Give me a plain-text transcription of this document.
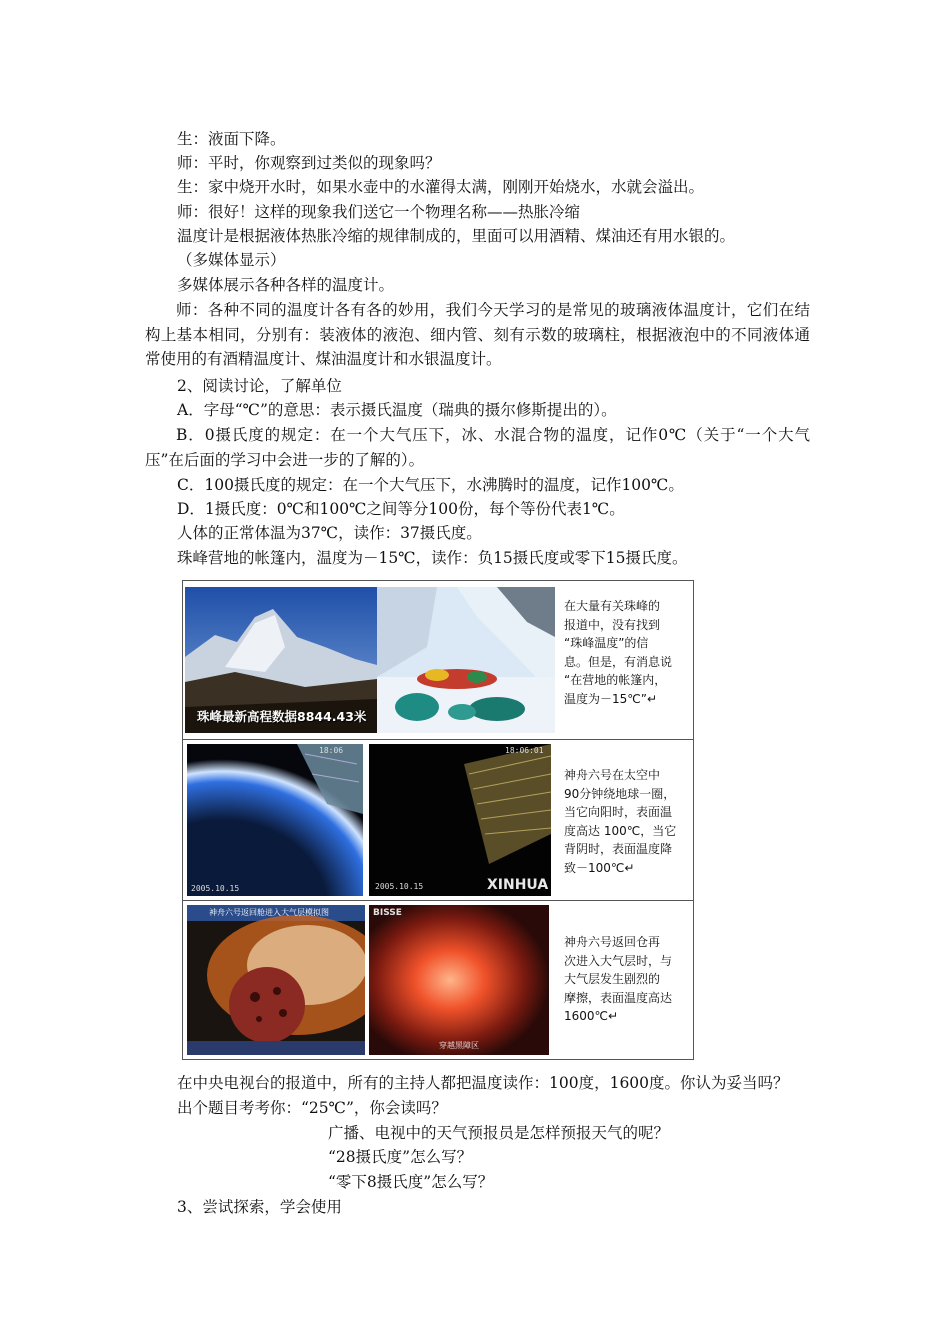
生：液面下降。
师：平时，你观察到过类似的现象吗？
生：家中烧开水时，如果水壶中的水灌得太满，刚刚开始烧水，水就会溢出。
师：很好！这样的现象我们送它一个物理名称——热胀冷缩
温度计是根据液体热胀冷缩的规律制成的，里面可以用酒精、煤油还有用水银的。
（多媒体显示）
多媒体展示各种各样的温度计。
师：各种不同的温度计各有各的妙用，我们今天学习的是常见的玻璃液体温度计，它们在结构上基本相同，分别有：装液体的液泡、细内管、刻有示数的玻璃柱，根据液泡中的不同液体通常使用的有酒精温度计、煤油温度计和水银温度计。
2、阅读讨论，了解单位
A．字母“℃”的意思：表示摄氏温度（瑞典的摄尔修斯提出的）。
B．0摄氏度的规定：在一个大气压下，冰、水混合物的温度，记作0℃（关于“一个大气压”在后面的学习中会进一步的了解的）。
C．100摄氏度的规定：在一个大气压下，水沸腾时的温度，记作100℃。
D．1摄氏度：0℃和100℃之间等分100份，每个等份代表1℃。
人体的正常体温为37℃，读作：37摄氏度。
珠峰营地的帐篷内，温度为－15℃，读作：负15摄氏度或零下15摄氏度。
珠峰最新高程数据8844.43米
在大量有关珠峰的
报道中，没有找到
“珠峰温度”的信
息。但是，有消息说
“在营地的帐篷内，
温度为－15℃”↵
2005.10.15
18:06
2005.10.15
18:06:01
XINHUA
神舟六号在太空中
90分钟绕地球一圈，
当它向阳时，表面温
度高达 100℃，当它
背阴时，表面温度降
致－100℃↵
神舟六号返回舱进入大气层模拟图	BISSE
穿越黑障区
神舟六号返回仓再
次进入大气层时，与
大气层发生剧烈的
摩擦，表面温度高达
1600℃↵
在中央电视台的报道中，所有的主持人都把温度读作：100度，1600度。你认为妥当吗？
出个题目考考你：“25℃”，你会读吗？
广播、电视中的天气预报员是怎样预报天气的呢？
“28摄氏度”怎么写？
“零下8摄氏度”怎么写？
3、尝试探索，学会使用
